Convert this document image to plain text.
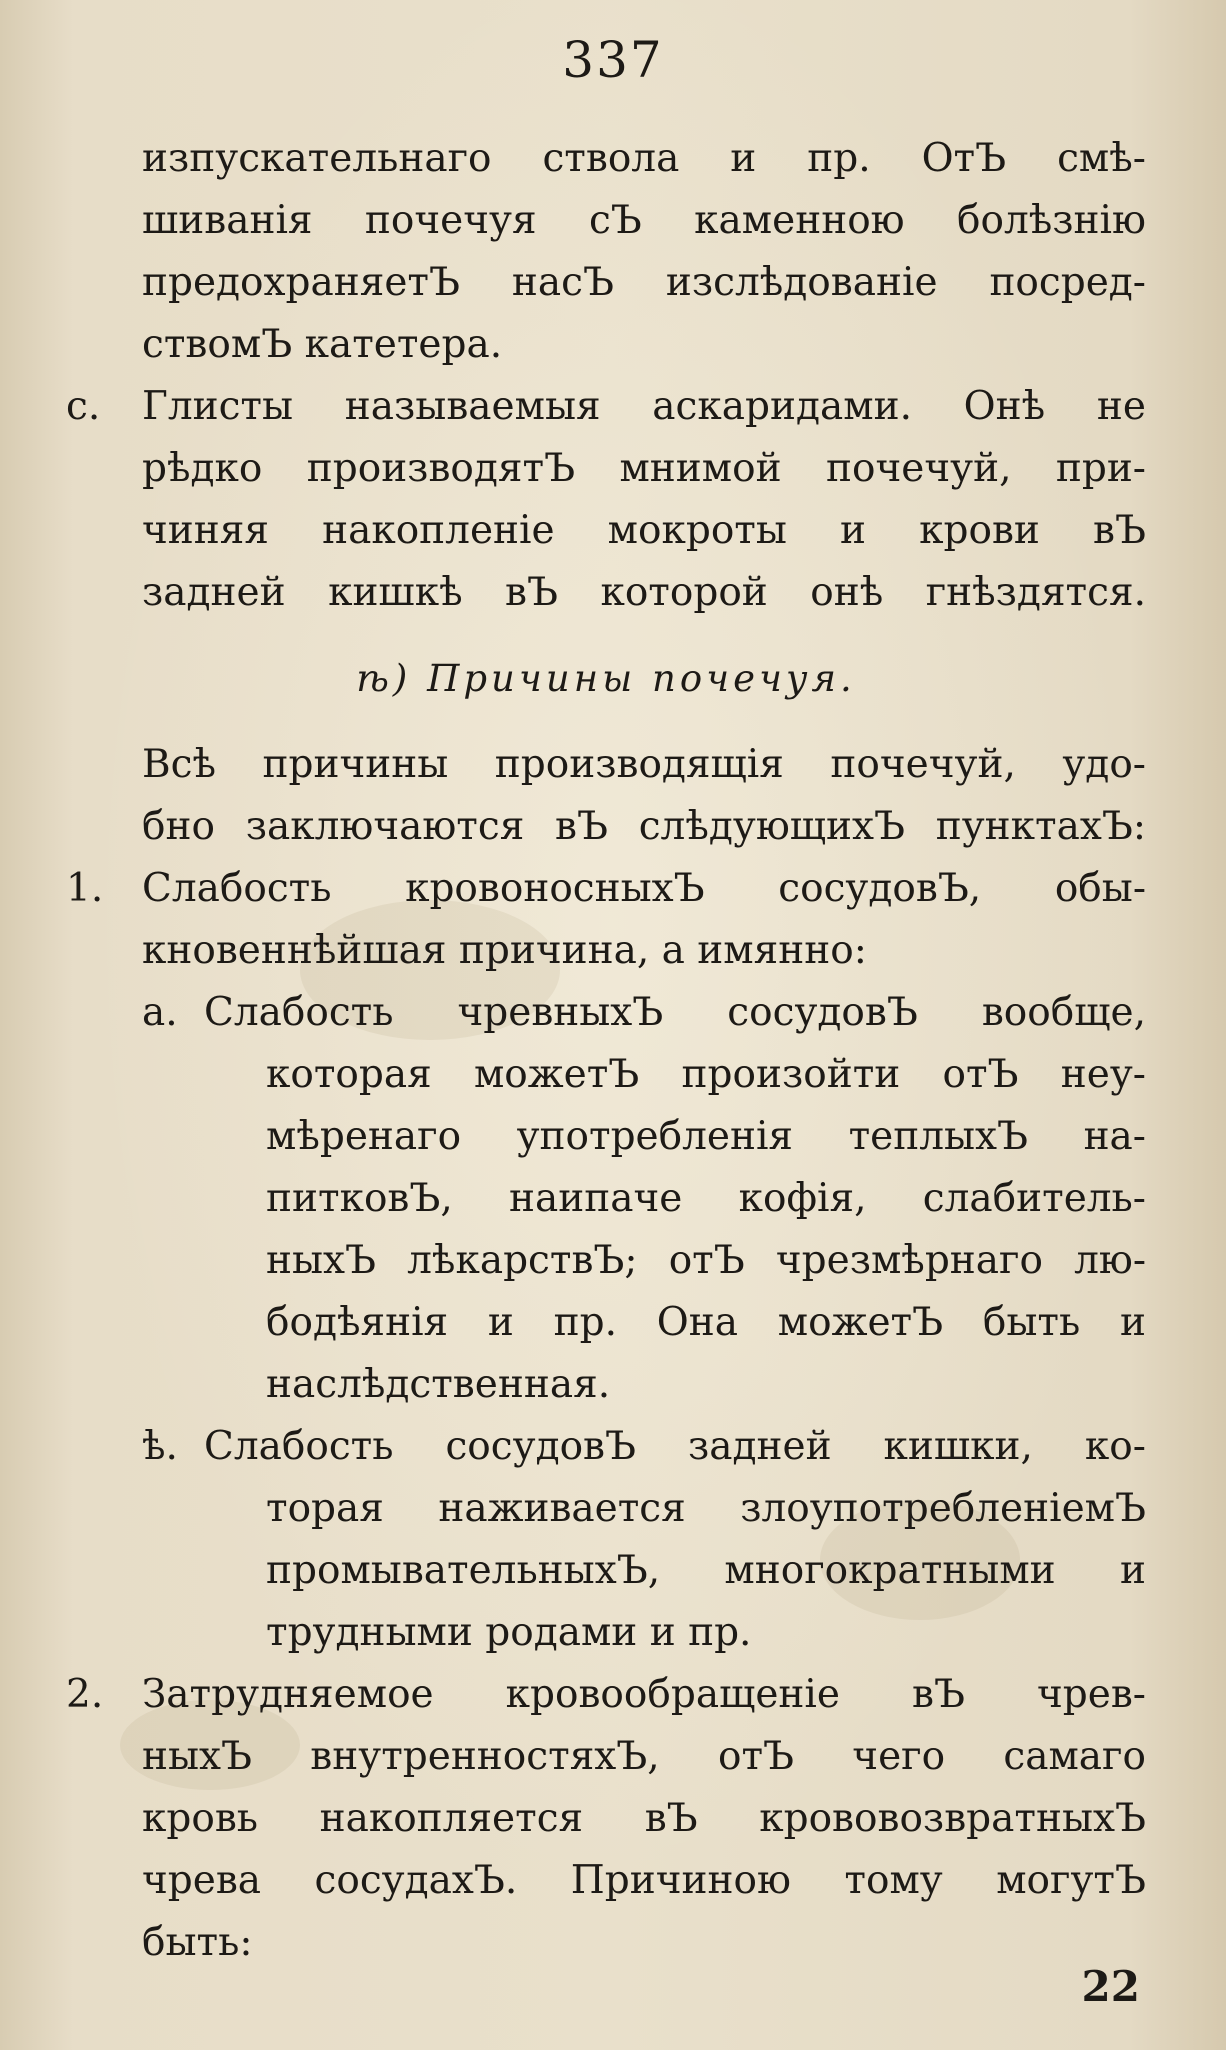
337
изпускательнаго ствола и пр. ОтЪ смѣ-
шиванія почечуя сЪ каменною болѣзнію
предохраняетЪ насЪ изслѣдованіе посред-
ствомЪ катетера.
с.	Глисты называемыя аскаридами. Онѣ не
рѣдко производятЪ мнимой почечуй, при-
чиняя накопленіе мокроты и крови вЪ
задней кишкѣ вЪ которой онѣ гнѣздятся.
ѣ) Причины почечуя.
Всѣ причины производящія почечуй, удо-
бно заключаются вЪ слѣдующихЪ пунктахЪ:
1. Слабость кровоносныхЪ сосудовЪ, обы-
кновеннѣйшая причина, а имянно:
а. Слабость чревныхЪ сосудовЪ вообще,
которая можетЪ произойти отЪ неу-
мѣренаго употребленія теплыхЪ на-
питковЪ, наипаче кофія, слабитель-
ныхЪ лѣкарствЪ; отЪ чрезмѣрнаго лю-
бодѣянія и пр. Она можетЪ быть и
наслѣдственная.
ѣ. Слабость сосудовЪ задней кишки, ко-
торая наживается злоупотребленіемЪ
промывательныхЪ, многократными и
трудными родами и пр.
2. Затрудняемое кровообращеніе вЪ чрев-
ныхЪ внутренностяхЪ, отЪ чего самаго
кровь накопляется вЪ крововозвратныхЪ
чрева сосудахЪ. Причиною тому могутЪ
быть:
22
